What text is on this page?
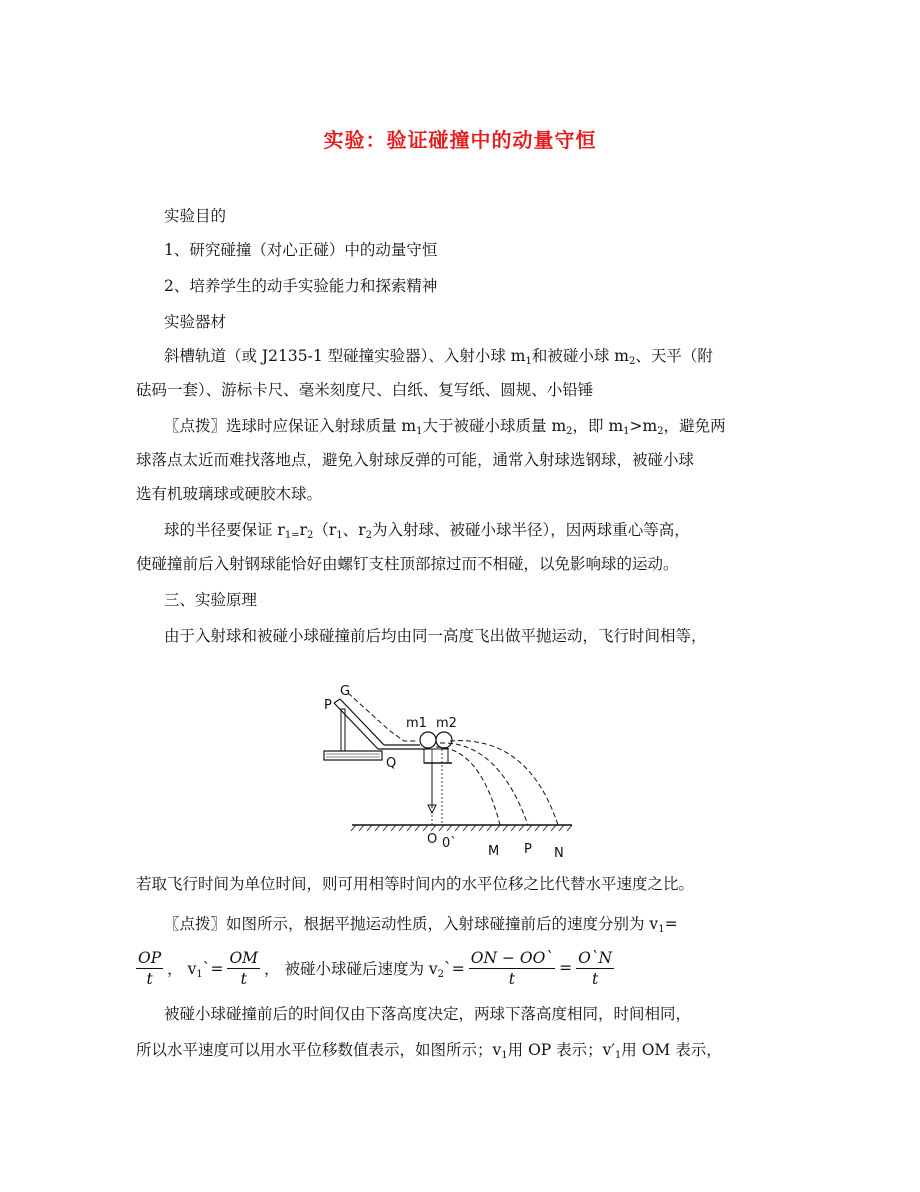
实验：验证碰撞中的动量守恒
实验目的
1、研究碰撞（对心正碰）中的动量守恒
2、培养学生的动手实验能力和探索精神
实验器材
斜槽轨道（或 J2135-1 型碰撞实验器）、入射小球 $m_1$和被碰小球 $m_2$、天平（附
砝码一套）、游标卡尺、毫米刻度尺、白纸、复写纸、圆规、小铅锤
〖点拨〗选球时应保证入射球质量 $m_1$大于被碰小球质量 $m_2$，即 $m_1>m_2$，避免两
球落点太近而难找落地点，避免入射球反弹的可能，通常入射球选钢球，被碰小球
选有机玻璃球或硬胶木球。
球的半径要保证 $r_{1=}r_2(r_1$、$r_2$为入射球、被碰小球半径），因两球重心等高，
使碰撞前后入射钢球能恰好由螺钉支柱顶部掠过而不相碰，以免影响球的运动。
三、实验原理
由于入射球和被碰小球碰撞前后均由同一高度飞出做平抛运动，飞行时间相等，
P
G
m1 m2
Q
O 0`
M P N
若取飞行时间为单位时间，则可用相等时间内的水平位移之比代替水平速度之比。
〖点拨〗如图所示，根据平抛运动性质，入射球碰撞前后的速度分别为 $v_1=$
$\frac{OP}{t}$ ， $v_1`= \frac{OM}{t}$ ， 被碰小球碰后速度为 $v_2`= \frac{ON - OO`}{t} = \frac{O`N}{t}$
被碰小球碰撞前后的时间仅由下落高度决定，两球下落高度相同，时间相同，
所以水平速度可以用水平位移数值表示，如图所示；$v_1$用 OP 表示；$v'_1$用 OM 表示，
